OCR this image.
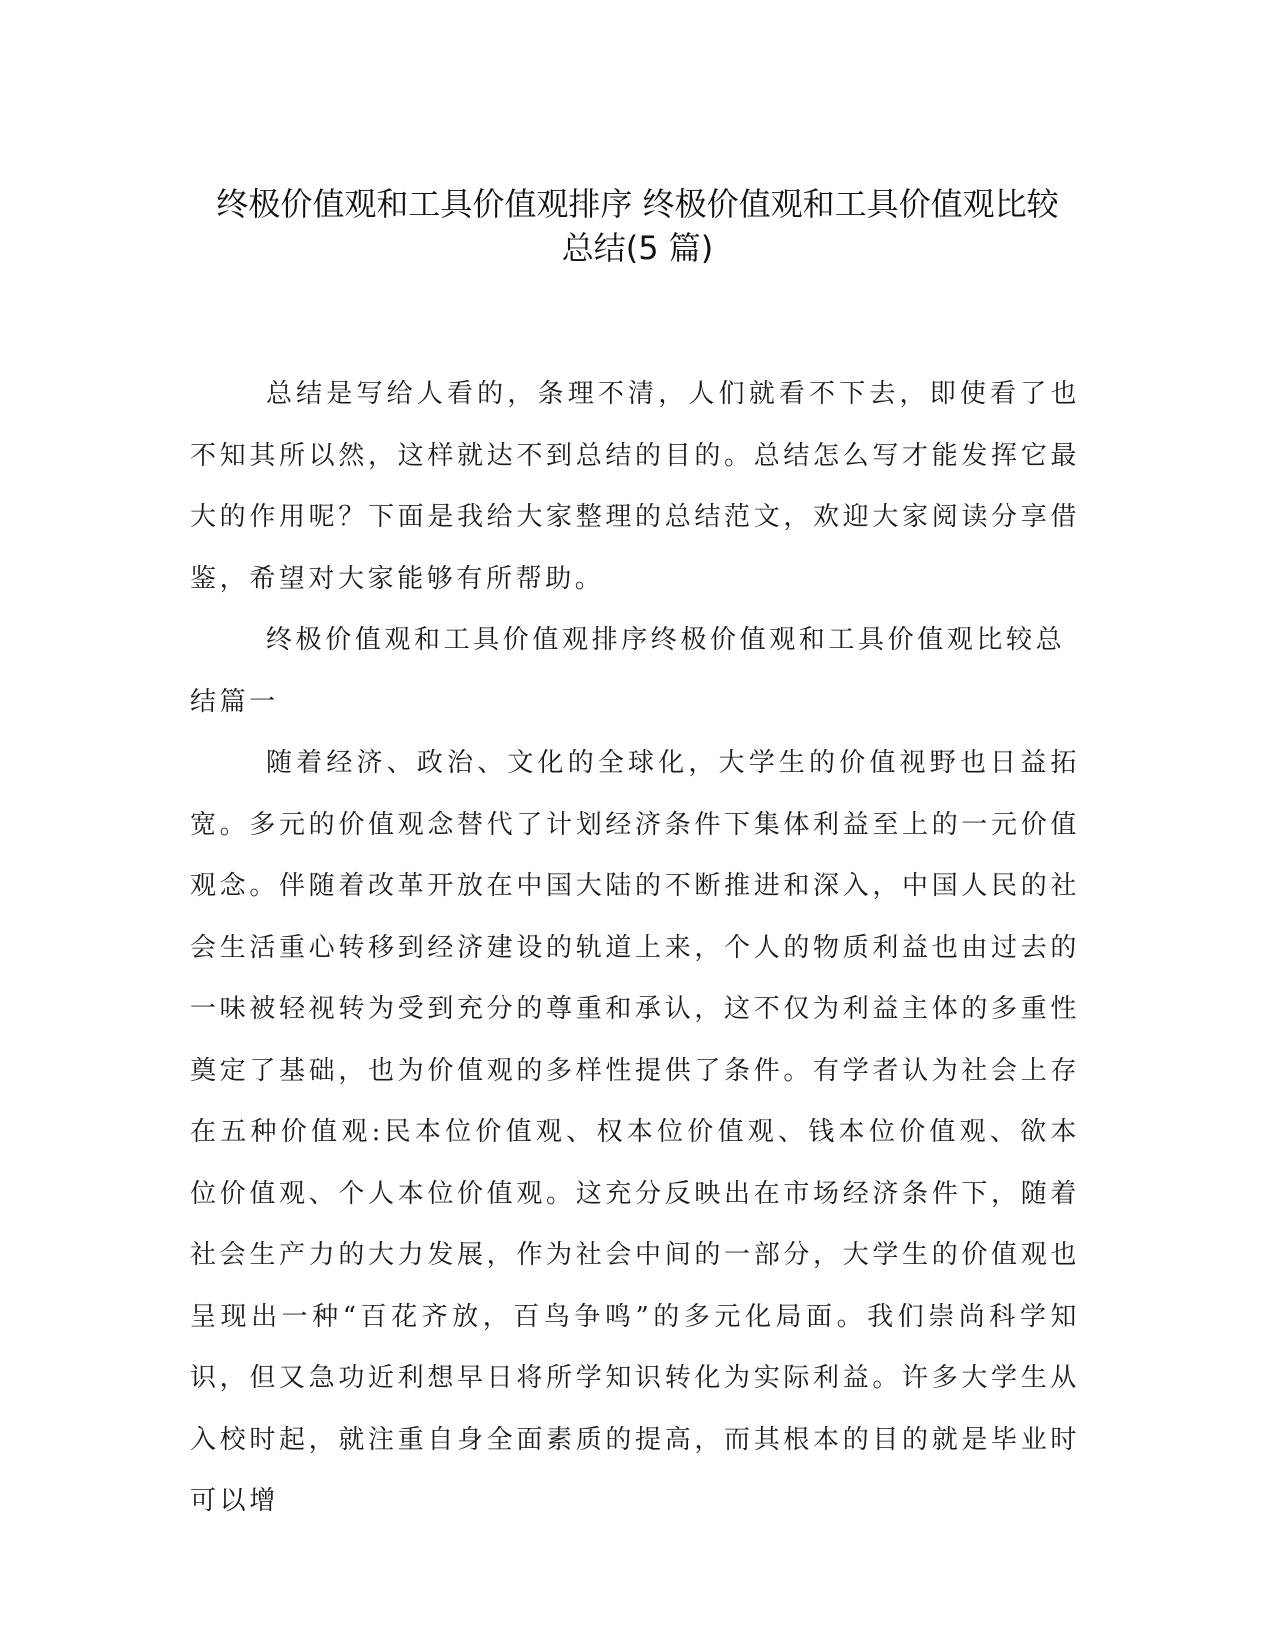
终极价值观和工具价值观排序 终极价值观和工具价值观比较
总结(5 篇)

总结是写给人看的，条理不清，人们就看不下去，即使看了也不知其所以然，这样就达不到总结的目的。总结怎么写才能发挥它最大的作用呢？下面是我给大家整理的总结范文，欢迎大家阅读分享借鉴，希望对大家能够有所帮助。

终极价值观和工具价值观排序终极价值观和工具价值观比较总结篇一

随着经济、政治、文化的全球化，大学生的价值视野也日益拓宽。多元的价值观念替代了计划经济条件下集体利益至上的一元价值观念。伴随着改革开放在中国大陆的不断推进和深入，中国人民的社会生活重心转移到经济建设的轨道上来，个人的物质利益也由过去的一味被轻视转为受到充分的尊重和承认，这不仅为利益主体的多重性奠定了基础，也为价值观的多样性提供了条件。有学者认为社会上存在五种价值观:民本位价值观、权本位价值观、钱本位价值观、欲本位价值观、个人本位价值观。这充分反映出在市场经济条件下，随着社会生产力的大力发展，作为社会中间的一部分，大学生的价值观也呈现出一种“百花齐放，百鸟争鸣”的多元化局面。我们崇尚科学知识，但又急功近利想早日将所学知识转化为实际利益。许多大学生从入校时起，就注重自身全面素质的提高，而其根本的目的就是毕业时可以增
